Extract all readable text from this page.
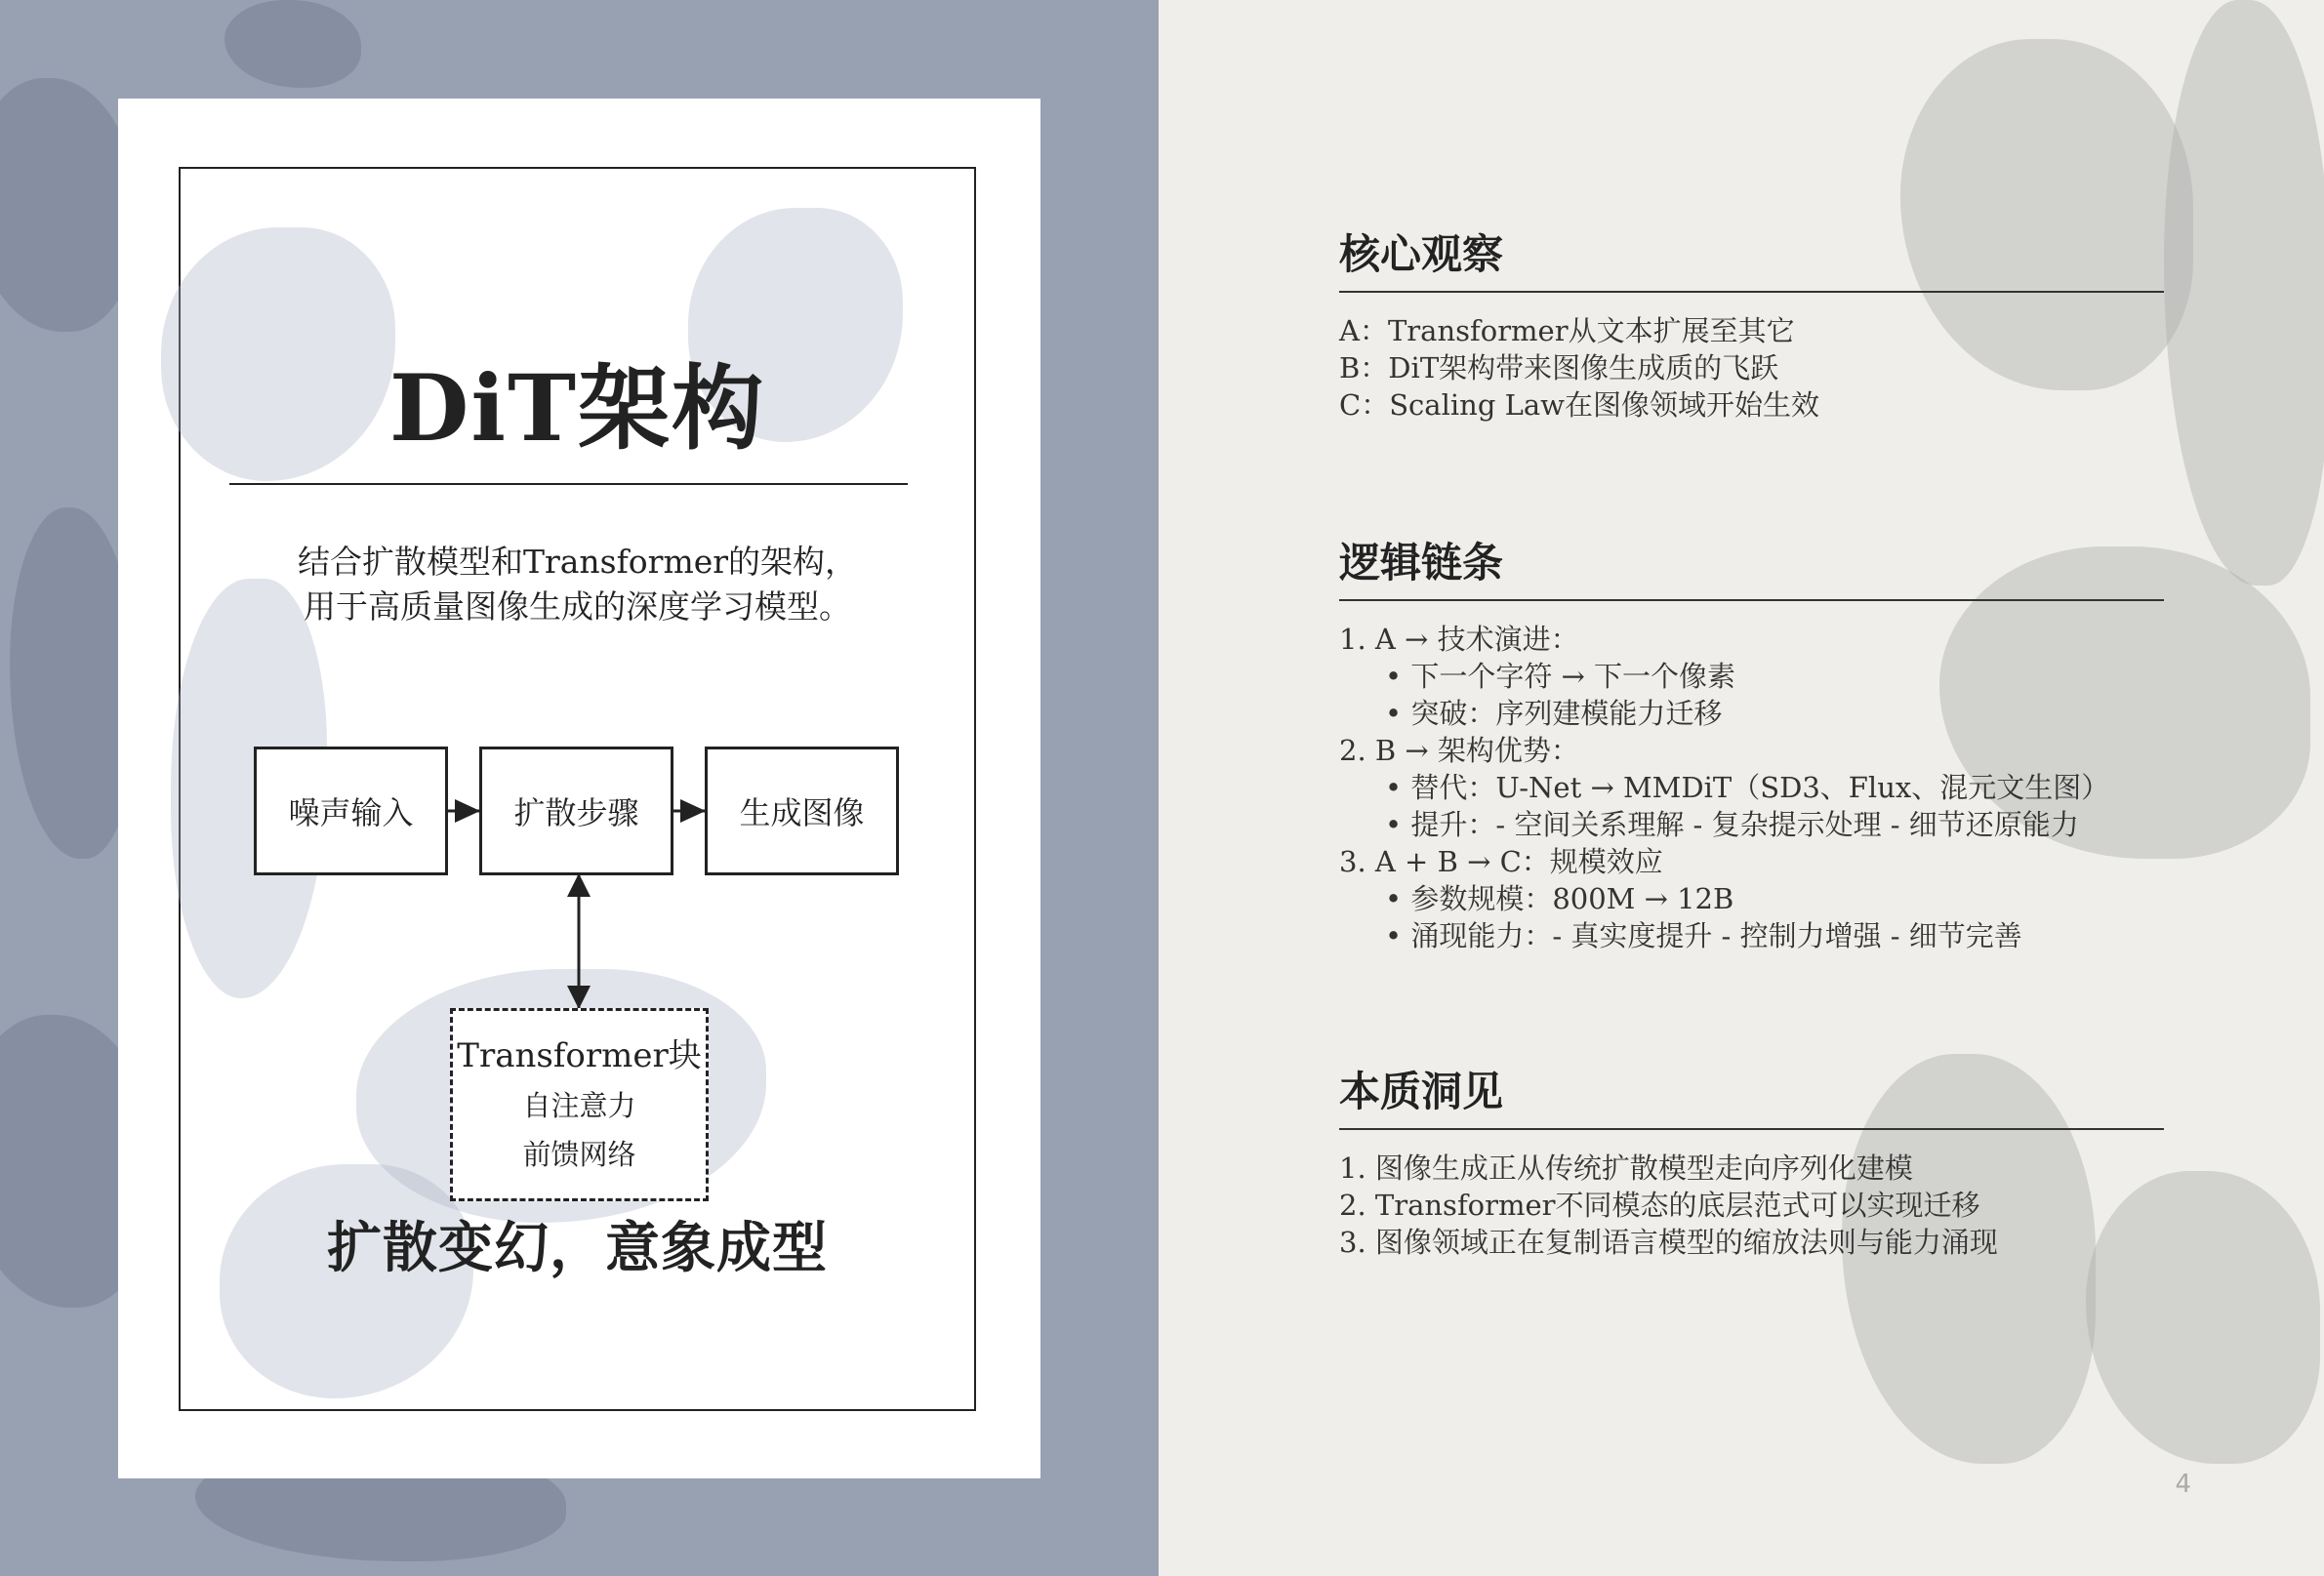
DiT架构
结合扩散模型和Transformer的架构，
用于高质量图像生成的深度学习模型。
噪声输入	扩散步骤	生成图像
Transformer块
自注意力
前馈网络
扩散变幻，意象成型
核心观察
A：Transformer从文本扩展至其它
B：DiT架构带来图像生成质的飞跃
C：Scaling Law在图像领域开始生效
逻辑链条
1. A → 技术演进：
• 下一个字符 → 下一个像素
• 突破：序列建模能力迁移
2. B → 架构优势：
• 替代：U-Net → MMDiT（SD3、Flux、混元文生图）
• 提升：- 空间关系理解 - 复杂提示处理 - 细节还原能力
3. A + B → C：规模效应
• 参数规模：800M → 12B
• 涌现能力：- 真实度提升 - 控制力增强 - 细节完善
本质洞见
1. 图像生成正从传统扩散模型走向序列化建模
2. Transformer不同模态的底层范式可以实现迁移
3. 图像领域正在复制语言模型的缩放法则与能力涌现
4
